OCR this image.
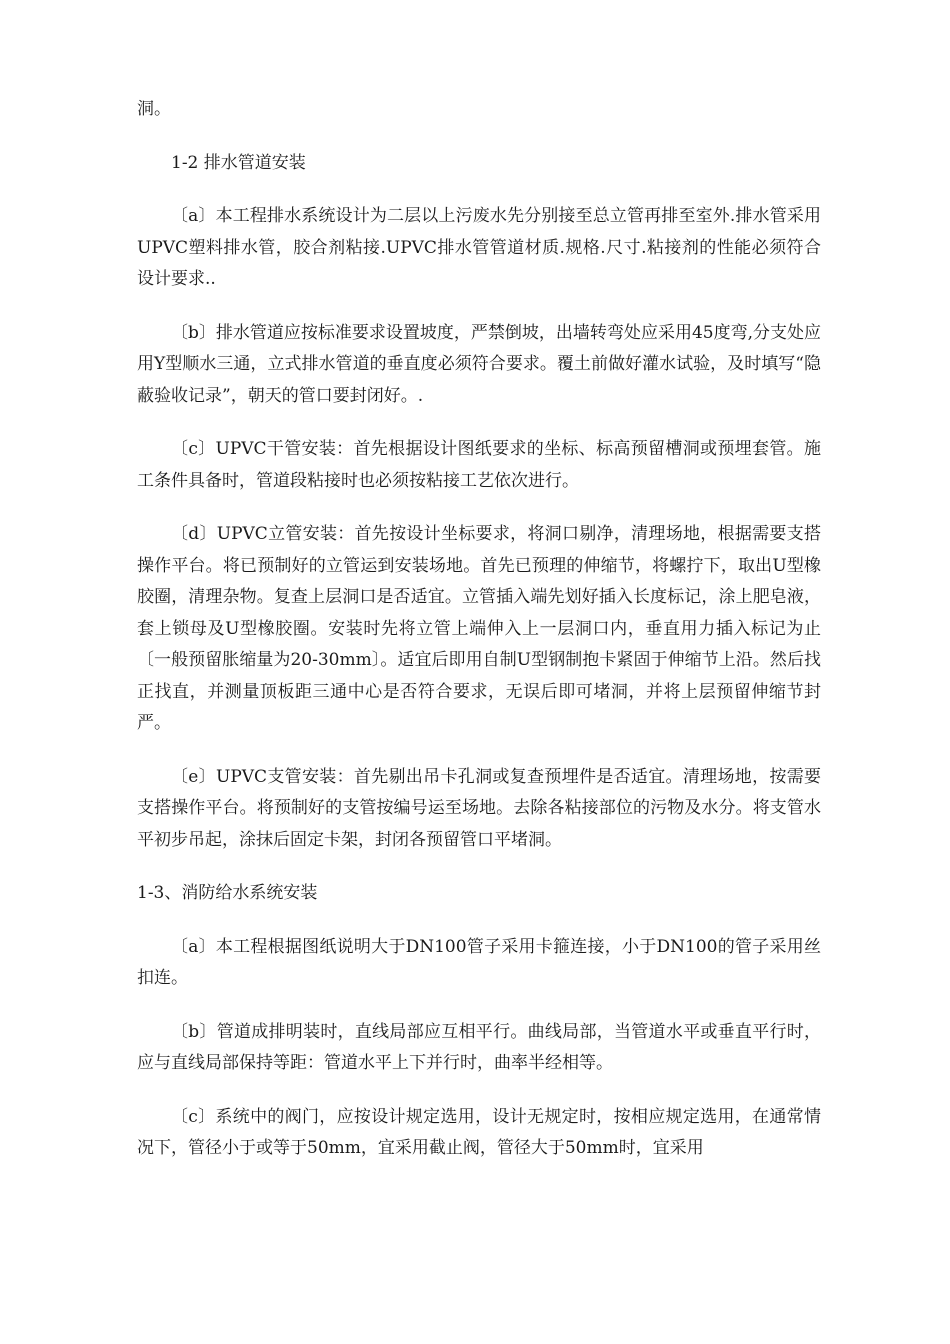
洞。

1-2 排水管道安装

〔a〕本工程排水系统设计为二层以上污废水先分别接至总立管再排至室外.排水管采用UPVC塑料排水管，胶合剂粘接.UPVC排水管管道材质.规格.尺寸.粘接剂的性能必须符合设计要求..

〔b〕排水管道应按标准要求设置坡度，严禁倒坡，出墙转弯处应采用45度弯,分支处应用Y型顺水三通，立式排水管道的垂直度必须符合要求。覆土前做好灌水试验，及时填写“隐蔽验收记录”，朝天的管口要封闭好。.

〔c〕UPVC干管安装：首先根据设计图纸要求的坐标、标高预留槽洞或预埋套管。施工条件具备时，管道段粘接时也必须按粘接工艺依次进行。

〔d〕UPVC立管安装：首先按设计坐标要求，将洞口剔净，清理场地，根据需要支搭操作平台。将已预制好的立管运到安装场地。首先已预理的伸缩节，将螺拧下，取出U型橡胶圈，清理杂物。复查上层洞口是否适宜。立管插入端先划好插入长度标记，涂上肥皂液，套上锁母及U型橡胶圈。安装时先将立管上端伸入上一层洞口内，垂直用力插入标记为止〔一般预留胀缩量为20-30mm〕。适宜后即用自制U型钢制抱卡紧固于伸缩节上沿。然后找正找直，并测量顶板距三通中心是否符合要求，无误后即可堵洞，并将上层预留伸缩节封严。

〔e〕UPVC支管安装：首先剔出吊卡孔洞或复查预埋件是否适宜。清理场地，按需要支搭操作平台。将预制好的支管按编号运至场地。去除各粘接部位的污物及水分。将支管水平初步吊起，涂抹后固定卡架，封闭各预留管口平堵洞。

1-3、消防给水系统安装

〔a〕本工程根据图纸说明大于DN100管子采用卡箍连接，小于DN100的管子采用丝扣连。

〔b〕管道成排明装时，直线局部应互相平行。曲线局部，当管道水平或垂直平行时，应与直线局部保持等距：管道水平上下并行时，曲率半经相等。

〔c〕系统中的阀门，应按设计规定选用，设计无规定时，按相应规定选用，在通常情况下，管径小于或等于50mm，宜采用截止阀，管径大于50mm时，宜采用
